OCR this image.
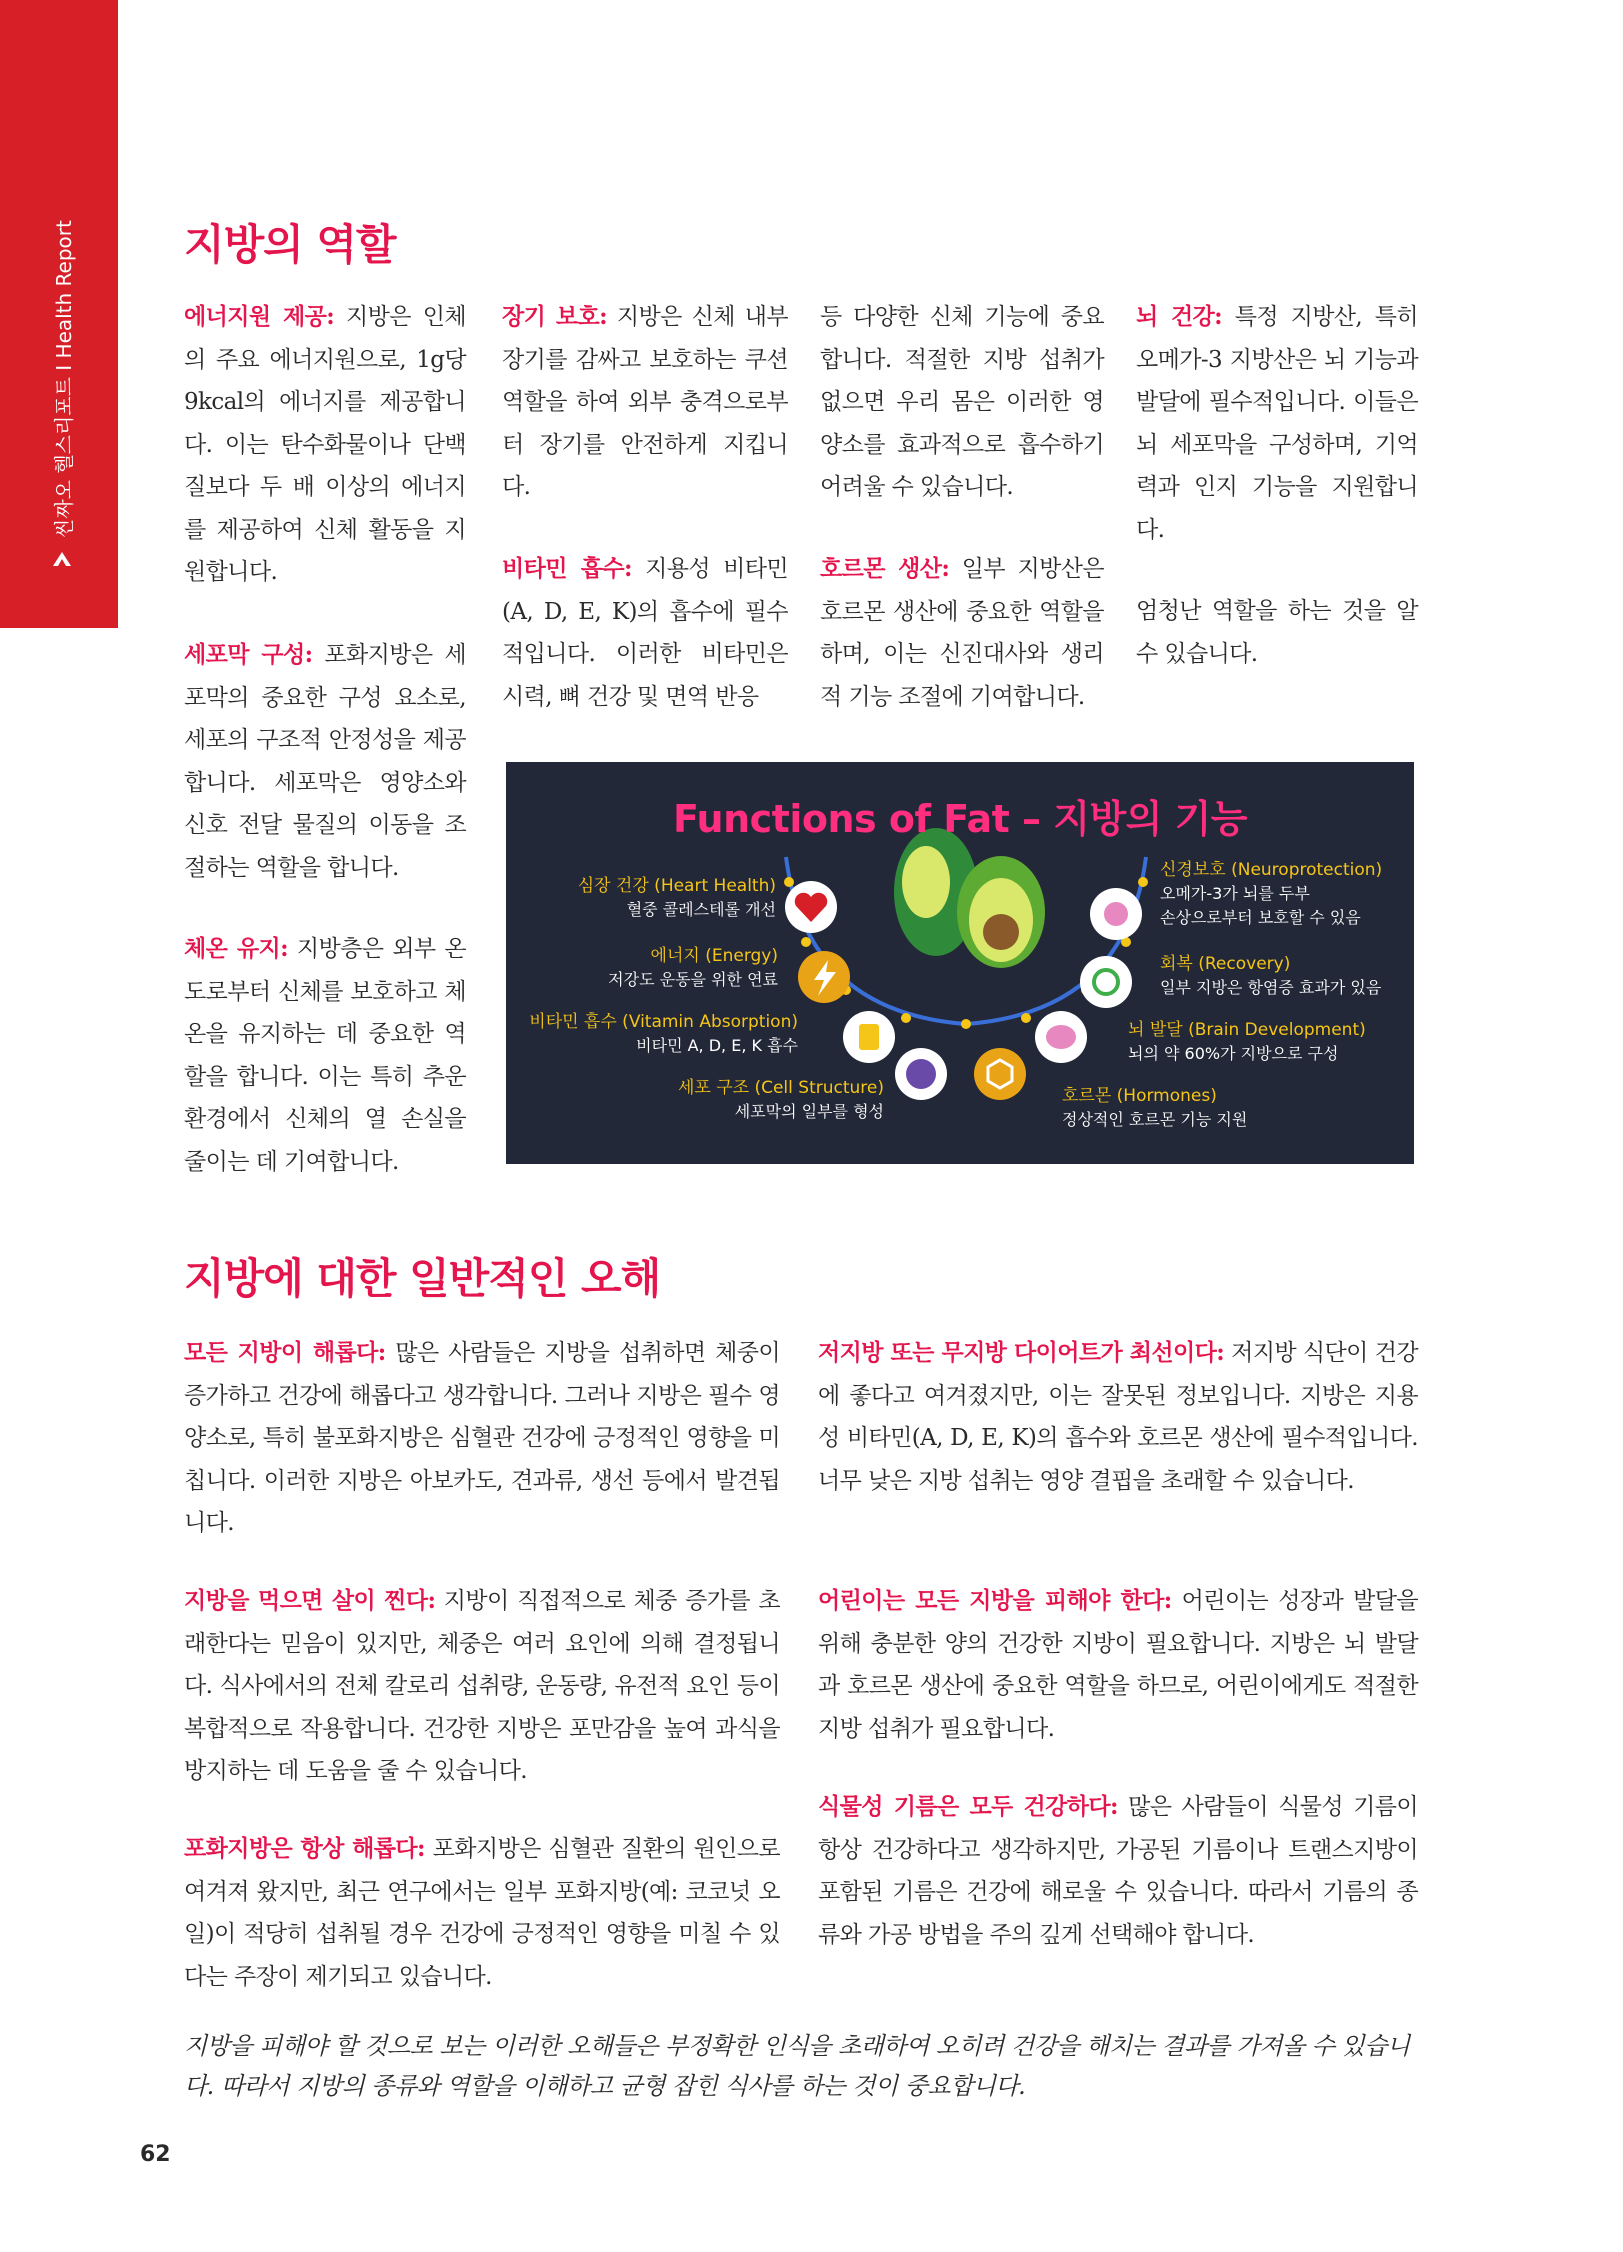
씬짜오 헬스리포트 I Health Report	지방의 역할
에너지원 제공: 지방은 인체의 주요 에너지원으로, 1g당 9kcal의 에너지를 제공합니다. 이는 탄수화물이나 단백질보다 두 배 이상의 에너지를 제공하여 신체 활동을 지원합니다.
세포막 구성: 포화지방은 세포막의 중요한 구성 요소로, 세포의 구조적 안정성을 제공합니다. 세포막은 영양소와 신호 전달 물질의 이동을 조절하는 역할을 합니다.
체온 유지: 지방층은 외부 온도로부터 신체를 보호하고 체온을 유지하는 데 중요한 역할을 합니다. 이는 특히 추운 환경에서 신체의 열 손실을 줄이는 데 기여합니다.
장기 보호: 지방은 신체 내부 장기를 감싸고 보호하는 쿠션 역할을 하여 외부 충격으로부터 장기를 안전하게 지킵니다.
비타민 흡수: 지용성 비타민(A, D, E, K)의 흡수에 필수적입니다. 이러한 비타민은 시력, 뼈 건강 및 면역 반응
등 다양한 신체 기능에 중요합니다. 적절한 지방 섭취가 없으면 우리 몸은 이러한 영양소를 효과적으로 흡수하기 어려울 수 있습니다.
호르몬 생산: 일부 지방산은 호르몬 생산에 중요한 역할을 하며, 이는 신진대사와 생리적 기능 조절에 기여합니다.
뇌 건강: 특정 지방산, 특히 오메가-3 지방산은 뇌 기능과 발달에 필수적입니다. 이들은 뇌 세포막을 구성하며, 기억력과 인지 기능을 지원합니다.
엄청난 역할을 하는 것을 알 수 있습니다.
Functions of Fat – 지방의 기능
심장 건강 (Heart Health)
혈중 콜레스테롤 개선
에너지 (Energy)
저강도 운동을 위한 연료
비타민 흡수 (Vitamin Absorption)
비타민 A, D, E, K 흡수
세포 구조 (Cell Structure)
세포막의 일부를 형성
신경보호 (Neuroprotection)
오메가-3가 뇌를 두부
손상으로부터 보호할 수 있음
회복 (Recovery)
일부 지방은 항염증 효과가 있음
뇌 발달 (Brain Development)
뇌의 약 60%가 지방으로 구성
호르몬 (Hormones)
정상적인 호르몬 기능 지원
지방에 대한 일반적인 오해
모든 지방이 해롭다: 많은 사람들은 지방을 섭취하면 체중이 증가하고 건강에 해롭다고 생각합니다. 그러나 지방은 필수 영양소로, 특히 불포화지방은 심혈관 건강에 긍정적인 영향을 미칩니다. 이러한 지방은 아보카도, 견과류, 생선 등에서 발견됩니다.
지방을 먹으면 살이 찐다: 지방이 직접적으로 체중 증가를 초래한다는 믿음이 있지만, 체중은 여러 요인에 의해 결정됩니다. 식사에서의 전체 칼로리 섭취량, 운동량, 유전적 요인 등이 복합적으로 작용합니다. 건강한 지방은 포만감을 높여 과식을 방지하는 데 도움을 줄 수 있습니다.
포화지방은 항상 해롭다: 포화지방은 심혈관 질환의 원인으로 여겨져 왔지만, 최근 연구에서는 일부 포화지방(예: 코코넛 오일)이 적당히 섭취될 경우 건강에 긍정적인 영향을 미칠 수 있다는 주장이 제기되고 있습니다.
저지방 또는 무지방 다이어트가 최선이다: 저지방 식단이 건강에 좋다고 여겨졌지만, 이는 잘못된 정보입니다. 지방은 지용성 비타민(A, D, E, K)의 흡수와 호르몬 생산에 필수적입니다. 너무 낮은 지방 섭취는 영양 결핍을 초래할 수 있습니다.
어린이는 모든 지방을 피해야 한다: 어린이는 성장과 발달을 위해 충분한 양의 건강한 지방이 필요합니다. 지방은 뇌 발달과 호르몬 생산에 중요한 역할을 하므로, 어린이에게도 적절한 지방 섭취가 필요합니다.
식물성 기름은 모두 건강하다: 많은 사람들이 식물성 기름이 항상 건강하다고 생각하지만, 가공된 기름이나 트랜스지방이 포함된 기름은 건강에 해로울 수 있습니다. 따라서 기름의 종류와 가공 방법을 주의 깊게 선택해야 합니다.
지방을 피해야 할 것으로 보는 이러한 오해들은 부정확한 인식을 초래하여 오히려 건강을 해치는 결과를 가져올 수 있습니다. 따라서 지방의 종류와 역할을 이해하고 균형 잡힌 식사를 하는 것이 중요합니다.
62
